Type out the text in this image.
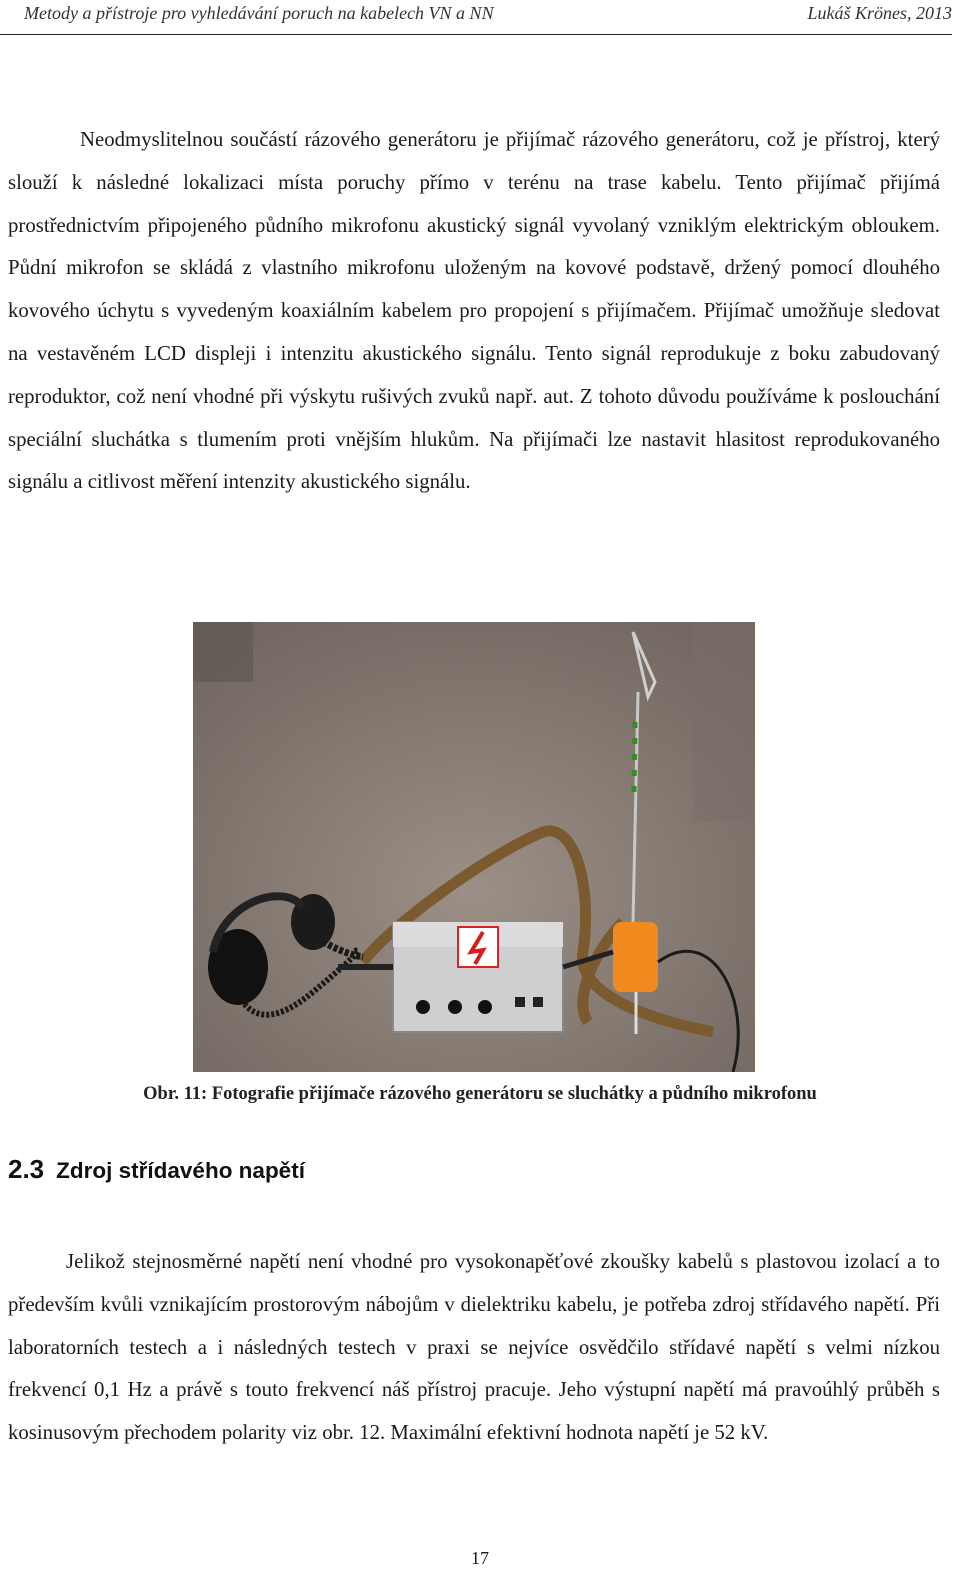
Metody a přístroje pro vyhledávání poruch na kabelech VN a NN	Lukáš Krönes, 2013

Neodmyslitelnou součástí rázového generátoru je přijímač rázového generátoru, což je přístroj, který slouží k následné lokalizaci místa poruchy přímo v terénu na trase kabelu. Tento přijímač přijímá prostřednictvím připojeného půdního mikrofonu akustický signál vyvolaný vzniklým elektrickým obloukem. Půdní mikrofon se skládá z vlastního mikrofonu uloženým na kovové podstavě, držený pomocí dlouhého kovového úchytu s vyvedeným koaxiálním kabelem pro propojení s přijímačem. Přijímač umožňuje sledovat na vestavěném LCD displeji i intenzitu akustického signálu. Tento signál reprodukuje z boku zabudovaný reproduktor, což není vhodné při výskytu rušivých zvuků např. aut. Z tohoto důvodu používáme k poslouchání speciální sluchátka s tlumením proti vnějším hlukům. Na přijímači lze nastavit hlasitost reprodukovaného signálu a citlivost měření intenzity akustického signálu.

Obr. 11: Fotografie přijímače rázového generátoru se sluchátky a půdního mikrofonu
2.3 Zdroj střídavého napětí

Jelikož stejnosměrné napětí není vhodné pro vysokonapěťové zkoušky kabelů s plastovou izolací a to především kvůli vznikajícím prostorovým nábojům v dielektriku kabelu, je potřeba zdroj střídavého napětí. Při laboratorních testech a i následných testech v praxi se nejvíce osvědčilo střídavé napětí s velmi nízkou frekvencí 0,1 Hz a právě s touto frekvencí náš přístroj pracuje. Jeho výstupní napětí má pravoúhlý průběh s kosinusovým přechodem polarity viz obr. 12. Maximální efektivní hodnota napětí je 52 kV.

17
